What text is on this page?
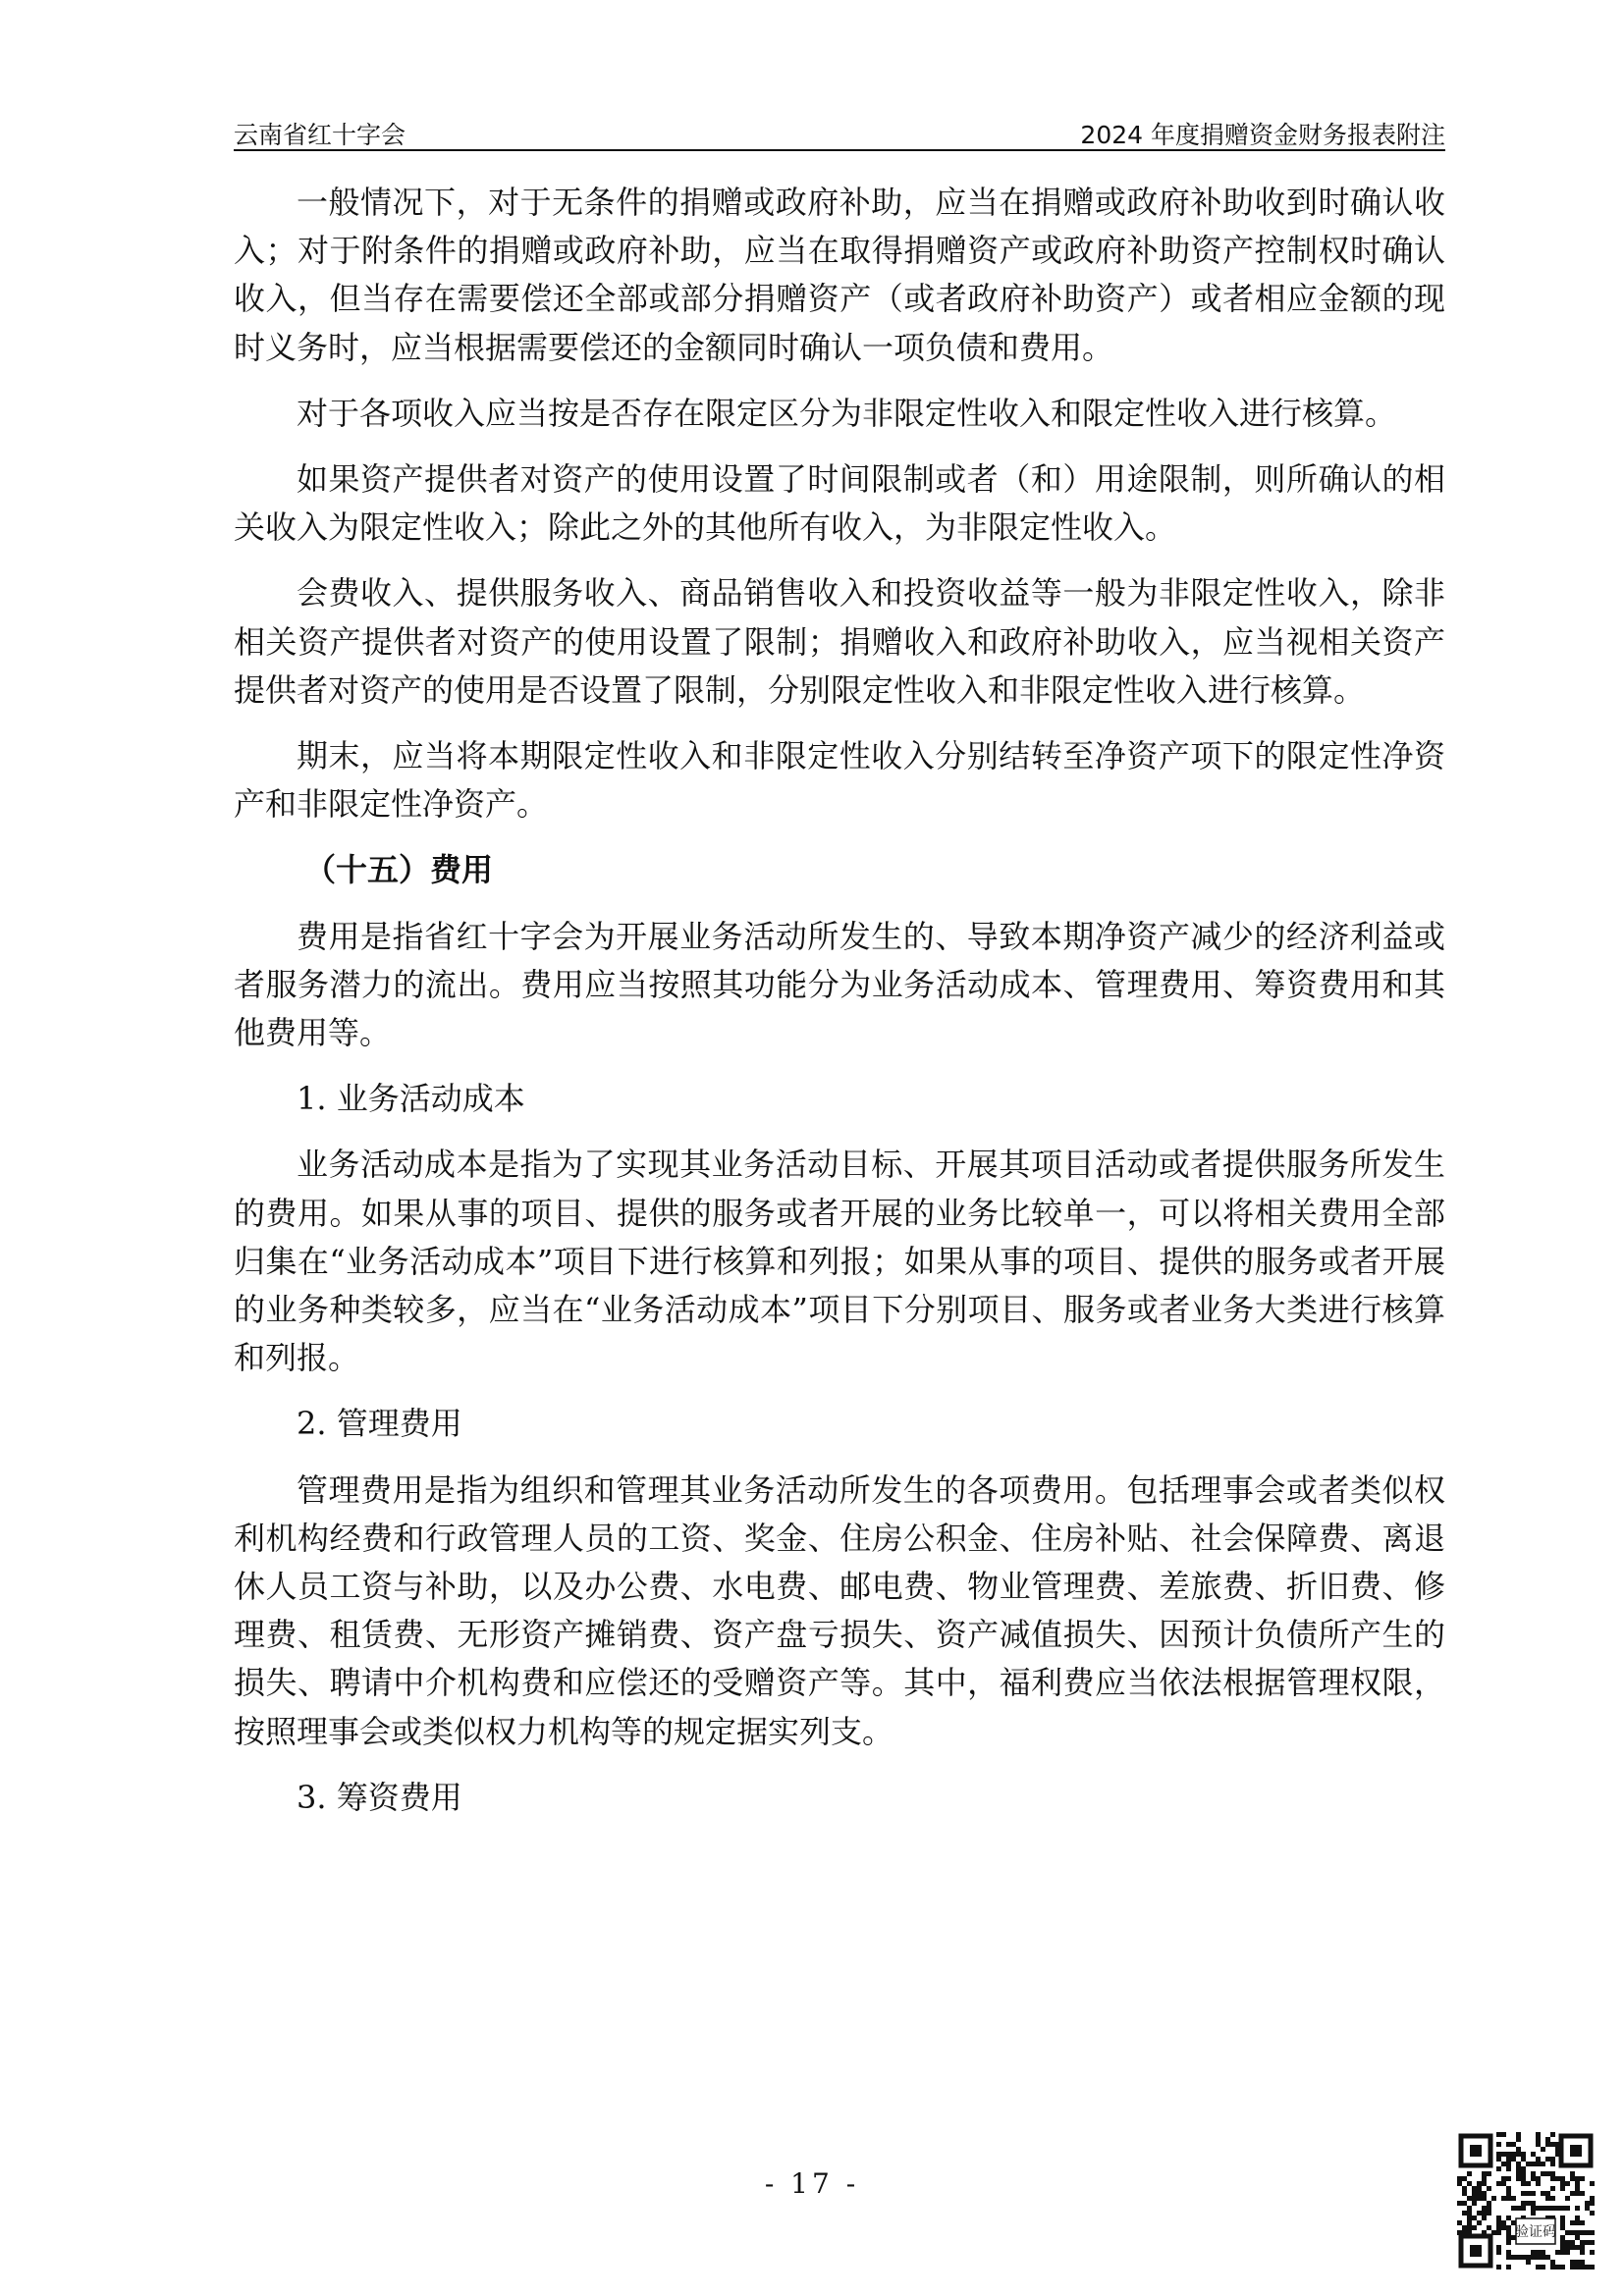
云南省红十字会	2024 年度捐赠资金财务报表附注

一般情况下，对于无条件的捐赠或政府补助，应当在捐赠或政府补助收到时确认收入；对于附条件的捐赠或政府补助，应当在取得捐赠资产或政府补助资产控制权时确认收入，但当存在需要偿还全部或部分捐赠资产（或者政府补助资产）或者相应金额的现时义务时，应当根据需要偿还的金额同时确认一项负债和费用。

对于各项收入应当按是否存在限定区分为非限定性收入和限定性收入进行核算。

如果资产提供者对资产的使用设置了时间限制或者（和）用途限制，则所确认的相关收入为限定性收入；除此之外的其他所有收入，为非限定性收入。

会费收入、提供服务收入、商品销售收入和投资收益等一般为非限定性收入，除非相关资产提供者对资产的使用设置了限制；捐赠收入和政府补助收入，应当视相关资产提供者对资产的使用是否设置了限制，分别限定性收入和非限定性收入进行核算。

期末，应当将本期限定性收入和非限定性收入分别结转至净资产项下的限定性净资产和非限定性净资产。

（十五）费用

费用是指省红十字会为开展业务活动所发生的、导致本期净资产减少的经济利益或者服务潜力的流出。费用应当按照其功能分为业务活动成本、管理费用、筹资费用和其他费用等。

1. 业务活动成本

业务活动成本是指为了实现其业务活动目标、开展其项目活动或者提供服务所发生的费用。如果从事的项目、提供的服务或者开展的业务比较单一，可以将相关费用全部归集在“业务活动成本”项目下进行核算和列报；如果从事的项目、提供的服务或者开展的业务种类较多，应当在“业务活动成本”项目下分别项目、服务或者业务大类进行核算和列报。

2. 管理费用

管理费用是指为组织和管理其业务活动所发生的各项费用。包括理事会或者类似权利机构经费和行政管理人员的工资、奖金、住房公积金、住房补贴、社会保障费、离退休人员工资与补助，以及办公费、水电费、邮电费、物业管理费、差旅费、折旧费、修理费、租赁费、无形资产摊销费、资产盘亏损失、资产减值损失、因预计负债所产生的损失、聘请中介机构费和应偿还的受赠资产等。其中，福利费应当依法根据管理权限，按照理事会或类似权力机构等的规定据实列支。

3. 筹资费用

- 17 -
验证码
